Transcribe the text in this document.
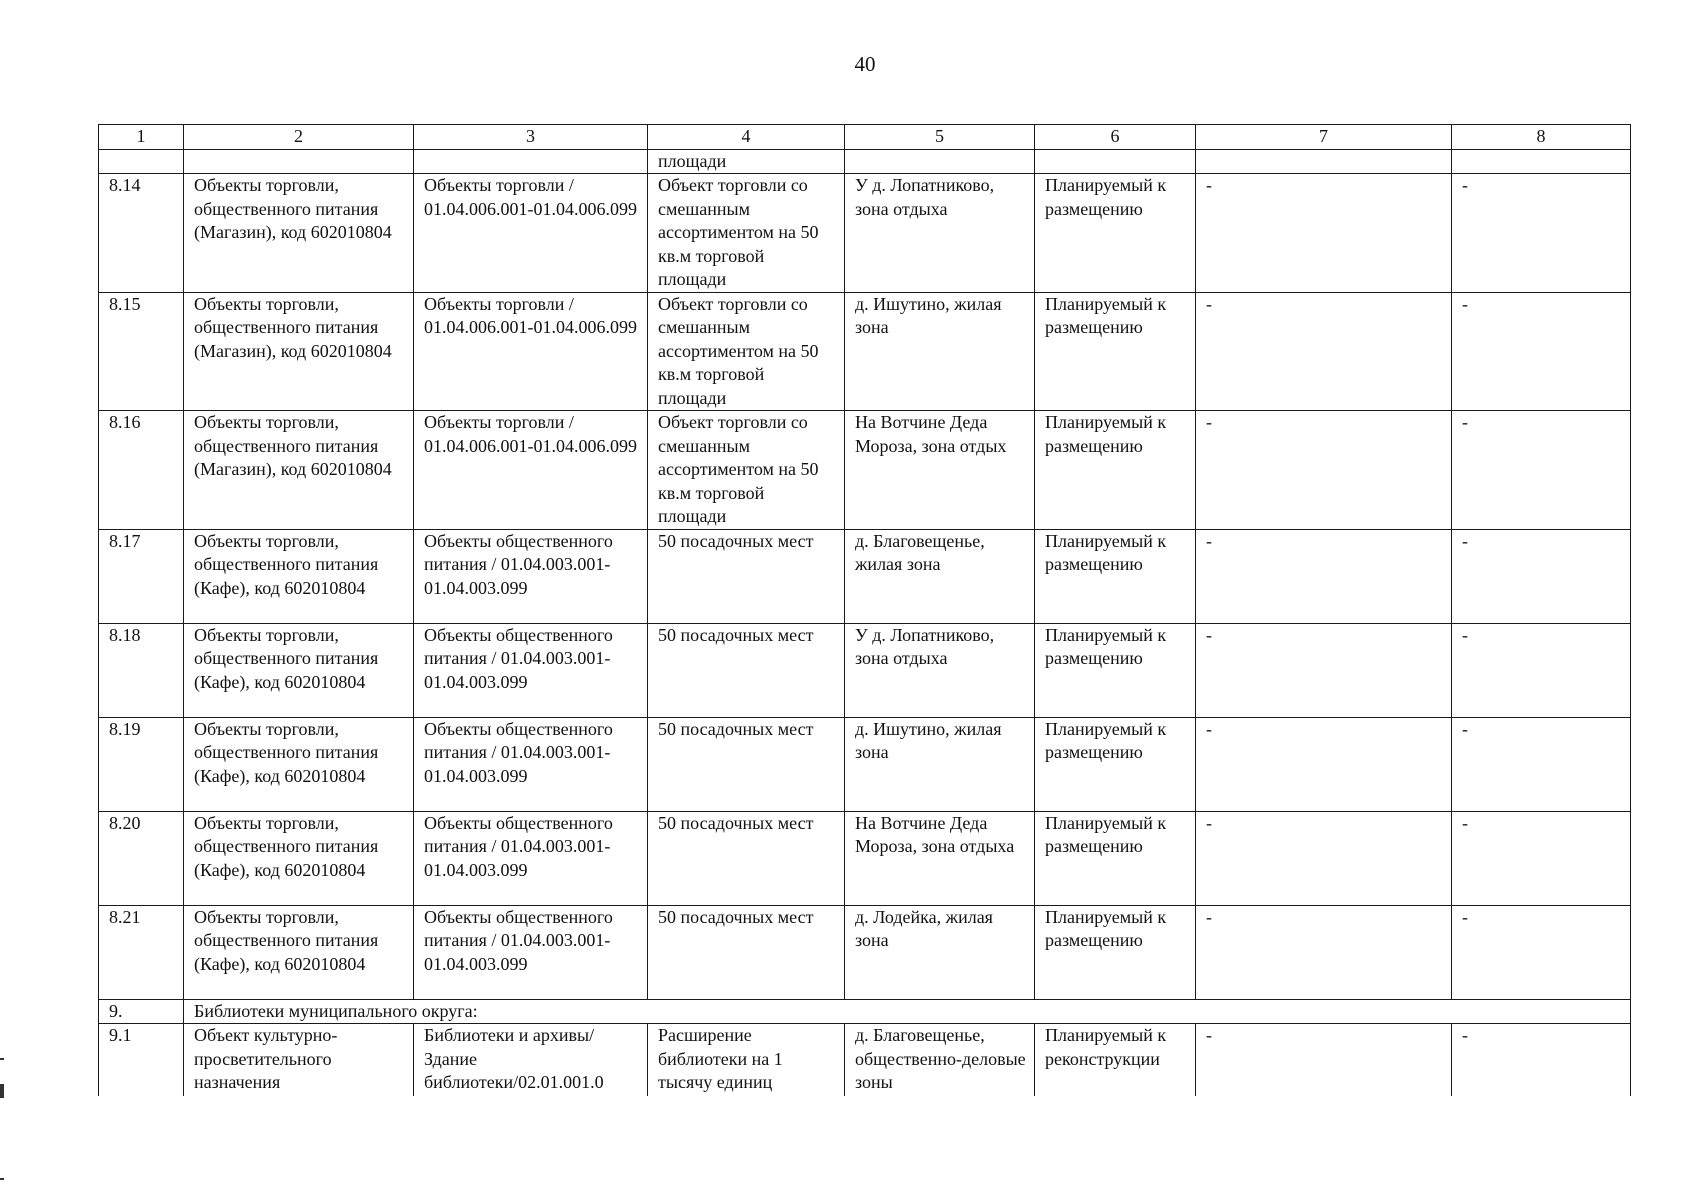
40
1	2	3	4	5	6	7	8
			площади				
8.14	Объекты торговли, общественного питания (Магазин), код 602010804	Объекты торговли / 01.04.006.001-01.04.006.099	Объект торговли со смешанным ассортиментом на 50 кв.м торговой площади	У д. Лопатниково, зона отдыха	Планируемый к размещению	-	-
8.15	Объекты торговли, общественного питания (Магазин), код 602010804	Объекты торговли / 01.04.006.001-01.04.006.099	Объект торговли со смешанным ассортиментом на 50 кв.м торговой площади	д. Ишутино, жилая зона	Планируемый к размещению	-	-
8.16	Объекты торговли, общественного питания (Магазин), код 602010804	Объекты торговли / 01.04.006.001-01.04.006.099	Объект торговли со смешанным ассортиментом на 50 кв.м торговой площади	На Вотчине Деда Мороза, зона отдых	Планируемый к размещению	-	-
8.17	Объекты торговли, общественного питания (Кафе), код 602010804	Объекты общественного питания / 01.04.003.001-01.04.003.099	50 посадочных мест	д. Благовещенье, жилая зона	Планируемый к размещению	-	-
8.18	Объекты торговли, общественного питания (Кафе), код 602010804	Объекты общественного питания / 01.04.003.001-01.04.003.099	50 посадочных мест	У д. Лопатниково, зона отдыха	Планируемый к размещению	-	-
8.19	Объекты торговли, общественного питания (Кафе), код 602010804	Объекты общественного питания / 01.04.003.001-01.04.003.099	50 посадочных мест	д. Ишутино, жилая зона	Планируемый к размещению	-	-
8.20	Объекты торговли, общественного питания (Кафе), код 602010804	Объекты общественного питания / 01.04.003.001-01.04.003.099	50 посадочных мест	На Вотчине Деда Мороза, зона отдыха	Планируемый к размещению	-	-
8.21	Объекты торговли, общественного питания (Кафе), код 602010804	Объекты общественного питания / 01.04.003.001-01.04.003.099	50 посадочных мест	д. Лодейка, жилая зона	Планируемый к размещению	-	-
9.	Библиотеки муниципального округа:						
9.1	Объект культурно-просветительного назначения	Библиотеки и архивы/ Здание библиотеки/02.01.001.0	Расширение библиотеки на 1 тысячу единиц	д. Благовещенье, общественно-деловые зоны	Планируемый к реконструкции	-	-
